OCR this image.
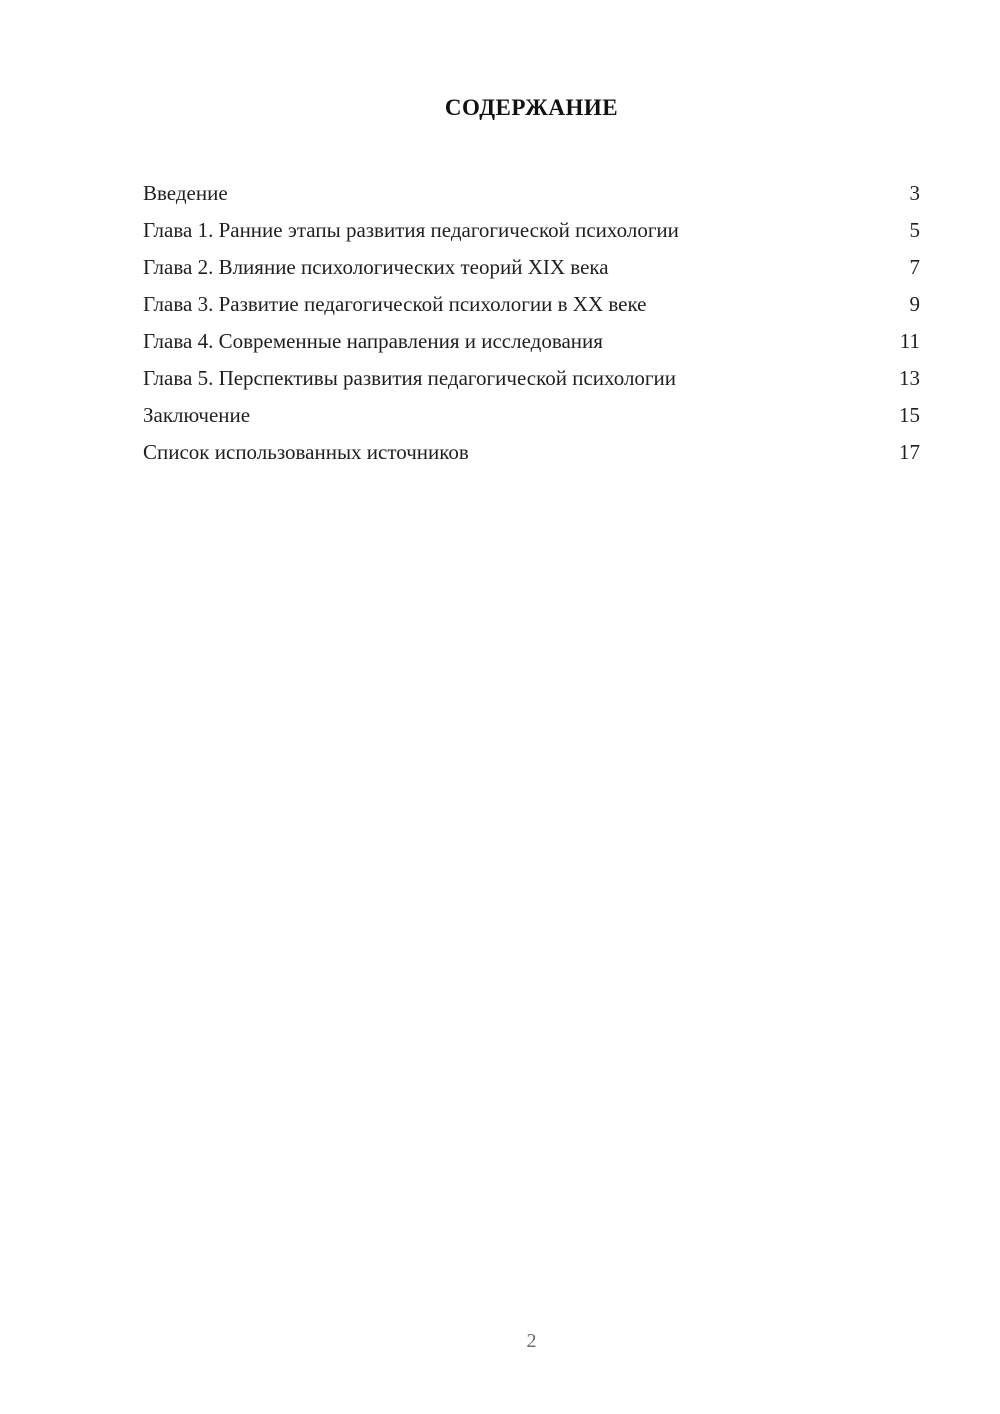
СОДЕРЖАНИЕ
Введение	3
Глава 1. Ранние этапы развития педагогической психологии	5
Глава 2. Влияние психологических теорий XIX века	7
Глава 3. Развитие педагогической психологии в XX веке	9
Глава 4. Современные направления и исследования	11
Глава 5. Перспективы развития педагогической психологии	13
Заключение	15
Список использованных источников	17
2
